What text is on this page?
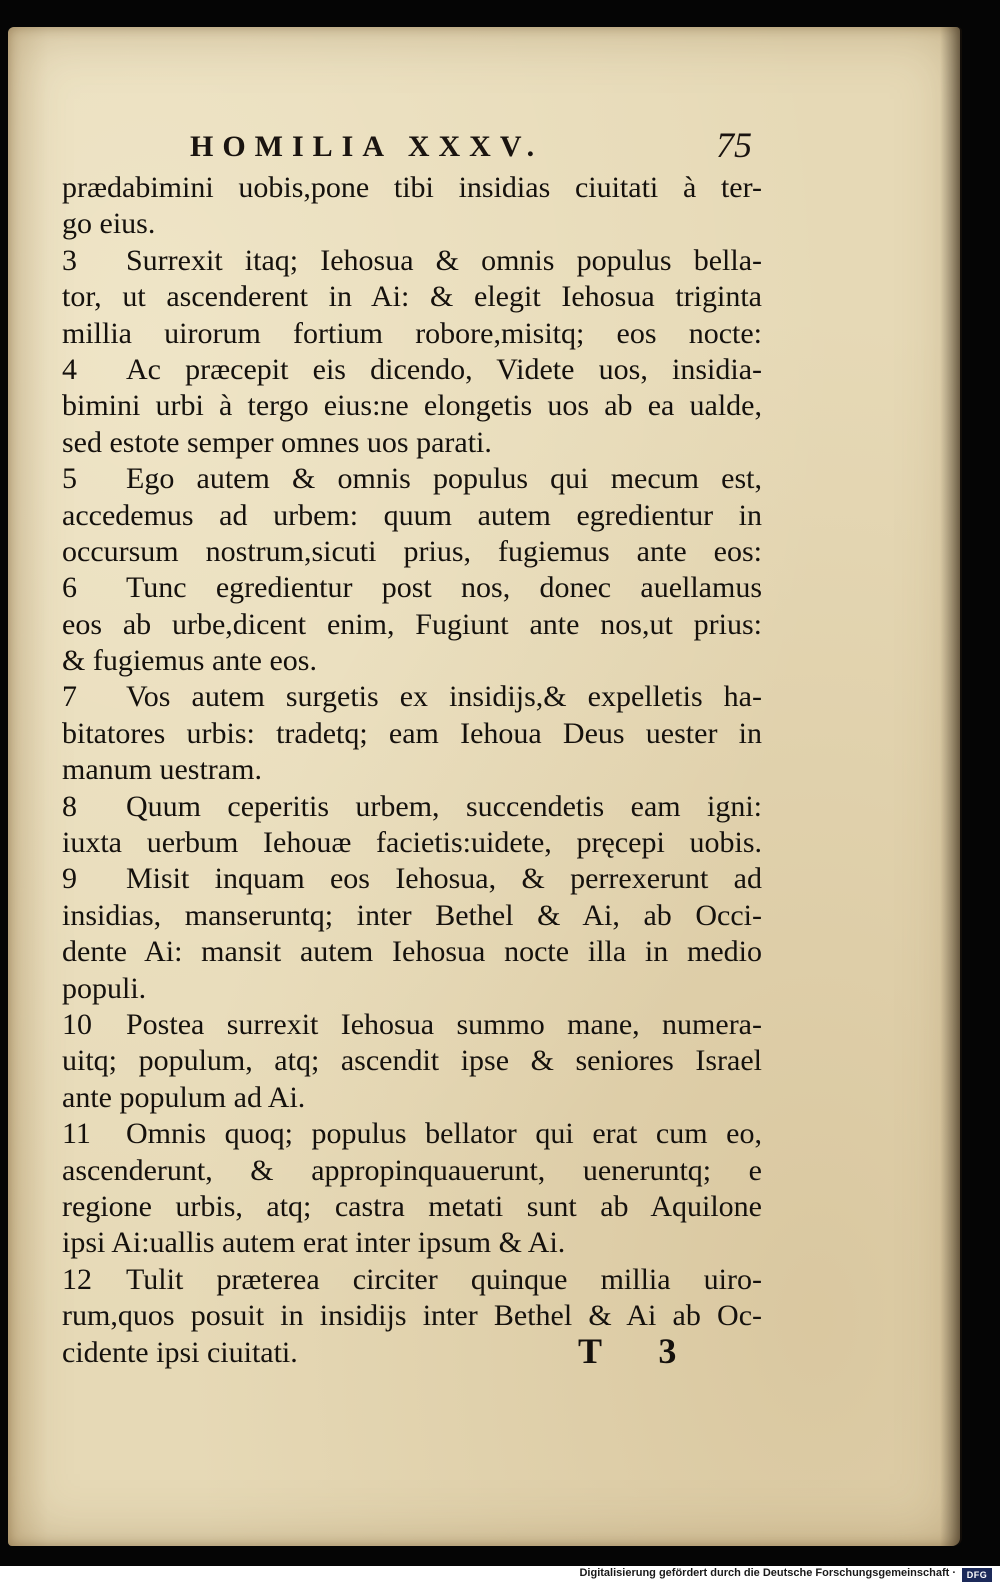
HOMILIA XXXV.	75
prædabimini uobis,pone tibi insidias ciuitati à ter-
go eius.
3 Surrexit itaq; Iehosua & omnis populus bella-
tor, ut ascenderent in Ai: & elegit Iehosua triginta
millia uirorum fortium robore,misitq; eos nocte:
4 Ac præcepit eis dicendo, Videte uos, insidia-
bimini urbi à tergo eius:ne elongetis uos ab ea ualde,
sed estote semper omnes uos parati.
5 Ego autem & omnis populus qui mecum est,
accedemus ad urbem: quum autem egredientur in
occursum nostrum,sicuti prius, fugiemus ante eos:
6 Tunc egredientur post nos, donec auellamus
eos ab urbe,dicent enim, Fugiunt ante nos,ut prius:
& fugiemus ante eos.
7 Vos autem surgetis ex insidijs,& expelletis ha-
bitatores urbis: tradetq; eam Iehoua Deus uester in
manum uestram.
8 Quum ceperitis urbem, succendetis eam igni:
iuxta uerbum Iehouæ facietis:uidete, pręcepi uobis.
9 Misit inquam eos Iehosua, & perrexerunt ad
insidias, manseruntq; inter Bethel & Ai, ab Occi-
dente Ai: mansit autem Iehosua nocte illa in medio
populi.
10 Postea surrexit Iehosua summo mane, numera-
uitq; populum, atq; ascendit ipse & seniores Israel
ante populum ad Ai.
11 Omnis quoq; populus bellator qui erat cum eo,
ascenderunt, & appropinquauerunt, ueneruntq; e
regione urbis, atq; castra metati sunt ab Aquilone
ipsi Ai:uallis autem erat inter ipsum & Ai.
12 Tulit præterea circiter quinque millia uiro-
rum,quos posuit in insidijs inter Bethel & Ai ab Oc-
cidente ipsi ciuitati.	T 3
Digitalisierung gefördert durch die Deutsche Forschungsgemeinschaft ·	DFG
